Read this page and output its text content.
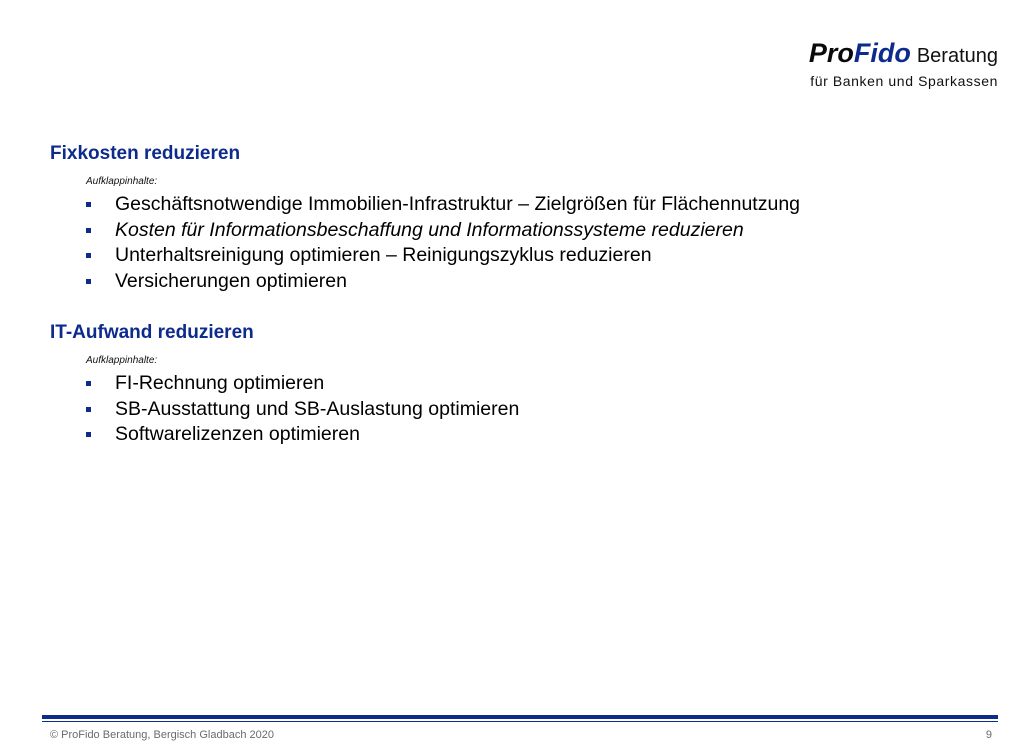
ProFido Beratung
für Banken und Sparkassen
Fixkosten reduzieren
Aufklappinhalte:
Geschäftsnotwendige Immobilien-Infrastruktur – Zielgrößen für Flächennutzung
Kosten für Informationsbeschaffung und Informationssysteme reduzieren
Unterhaltsreinigung optimieren – Reinigungszyklus reduzieren
Versicherungen optimieren
IT-Aufwand reduzieren
Aufklappinhalte:
FI-Rechnung optimieren
SB-Ausstattung und SB-Auslastung optimieren
Softwarelizenzen optimieren
© ProFido Beratung, Bergisch Gladbach 2020	9
